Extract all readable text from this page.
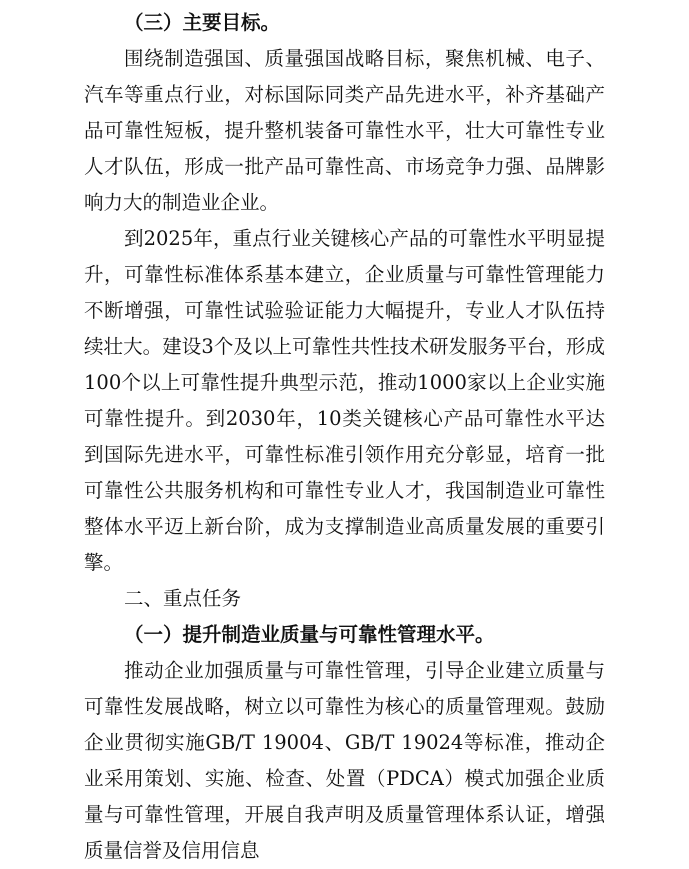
（三）主要目标。

围绕制造强国、质量强国战略目标，聚焦机械、电子、汽车等重点行业，对标国际同类产品先进水平，补齐基础产品可靠性短板，提升整机装备可靠性水平，壮大可靠性专业人才队伍，形成一批产品可靠性高、市场竞争力强、品牌影响力大的制造业企业。

到2025年，重点行业关键核心产品的可靠性水平明显提升，可靠性标准体系基本建立，企业质量与可靠性管理能力不断增强，可靠性试验验证能力大幅提升，专业人才队伍持续壮大。建设3个及以上可靠性共性技术研发服务平台，形成100个以上可靠性提升典型示范，推动1000家以上企业实施可靠性提升。到2030年，10类关键核心产品可靠性水平达到国际先进水平，可靠性标准引领作用充分彰显，培育一批可靠性公共服务机构和可靠性专业人才，我国制造业可靠性整体水平迈上新台阶，成为支撑制造业高质量发展的重要引擎。

二、重点任务

（一）提升制造业质量与可靠性管理水平。

推动企业加强质量与可靠性管理，引导企业建立质量与可靠性发展战略，树立以可靠性为核心的质量管理观。鼓励企业贯彻实施GB/T 19004、GB/T 19024等标准，推动企业采用策划、实施、检查、处置（PDCA）模式加强企业质量与可靠性管理，开展自我声明及质量管理体系认证，增强质量信誉及信用信息
